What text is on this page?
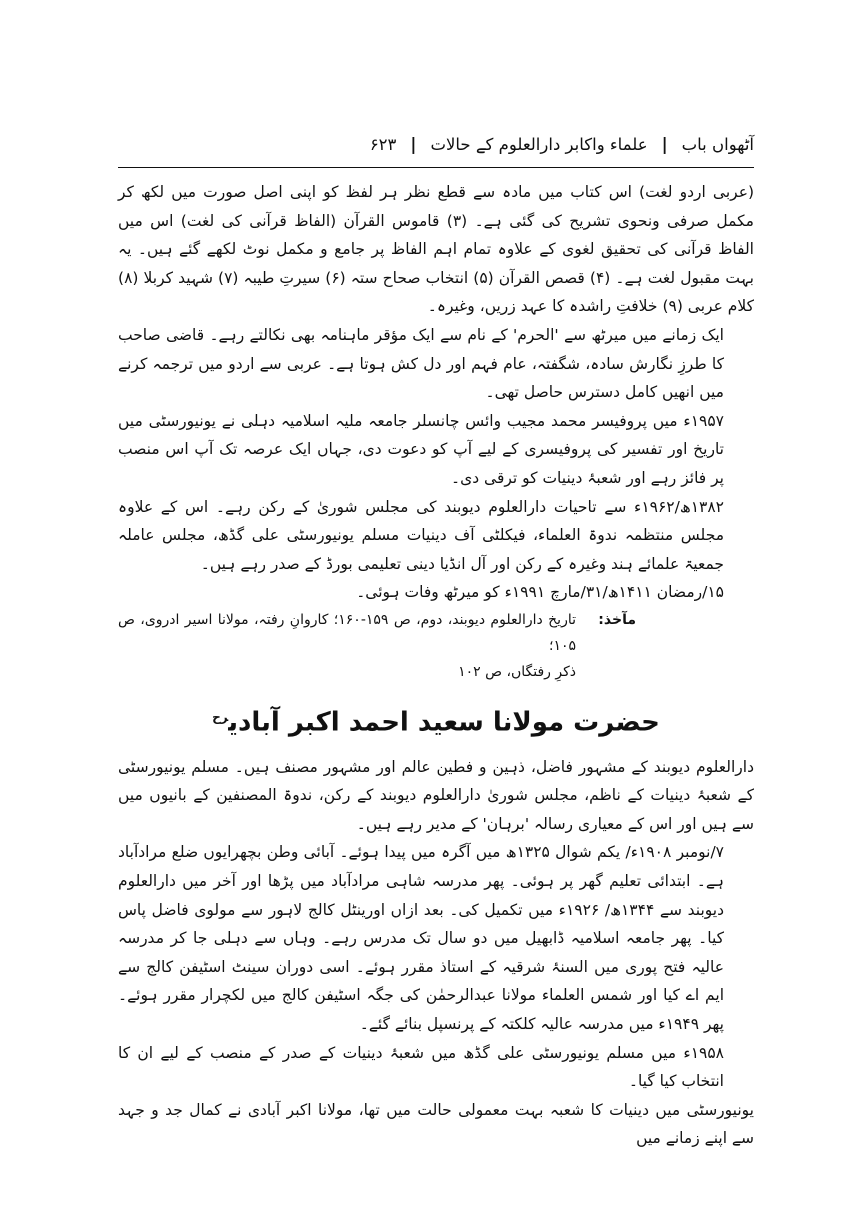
آٹھواں باب
|
علماء واکابر دارالعلوم کے حالات
|
۶۲۳

(عربی اردو لغت) اس کتاب میں مادہ سے قطع نظر ہر لفظ کو اپنی اصل صورت میں لکھ کر مکمل صرفی ونحوی تشریح کی گئی ہے۔ (۳) قاموس القرآن (الفاظ قرآنی کی لغت) اس میں الفاظ قرآنی کی تحقیق لغوی کے علاوہ تمام اہم الفاظ پر جامع و مکمل نوٹ لکھے گئے ہیں۔ یہ بہت مقبول لغت ہے۔ (۴) قصص القرآن (۵) انتخاب صحاح ستہ (۶) سیرتِ طیبہ (۷) شہید کربلا (۸) کلام عربی (۹) خلافتِ راشدہ کا عہد زریں، وغیرہ۔

ایک زمانے میں میرٹھ سے 'الحرم' کے نام سے ایک مؤقر ماہنامہ بھی نکالتے رہے۔ قاضی صاحب کا طرزِ نگارش سادہ، شگفتہ، عام فہم اور دل کش ہوتا ہے۔ عربی سے اردو میں ترجمہ کرنے میں انھیں کامل دسترس حاصل تھی۔

۱۹۵۷ء میں پروفیسر محمد مجیب وائس چانسلر جامعہ ملیہ اسلامیہ دہلی نے یونیورسٹی میں تاریخ اور تفسیر کی پروفیسری کے لیے آپ کو دعوت دی، جہاں ایک عرصہ تک آپ اس منصب پر فائز رہے اور شعبۂ دینیات کو ترقی دی۔

۱۳۸۲ھ/۱۹۶۲ء سے تاحیات دارالعلوم دیوبند کی مجلس شوریٰ کے رکن رہے۔ اس کے علاوہ مجلس منتظمہ ندوۃ العلماء، فیکلٹی آف دینیات مسلم یونیورسٹی علی گڈھ، مجلس عاملہ جمعیۃ علمائے ہند وغیرہ کے رکن اور آل انڈیا دینی تعلیمی بورڈ کے صدر رہے ہیں۔

۱۵/رمضان ۱۴۱۱ھ/۳۱/مارچ ۱۹۹۱ء کو میرٹھ وفات ہوئی۔

مآخذ:
تاریخ دارالعلوم دیوبند، دوم، ص ۱۵۹-۱۶۰؛ کاروانِ رفتہ، مولانا اسیر ادروی، ص ۱۰۵؛
ذکرِ رفتگاں، ص ۱۰۲
حضرت مولانا سعید احمد اکبر آبادی$^{رح}$

دارالعلوم دیوبند کے مشہور فاضل، ذہین و فطین عالم اور مشہور مصنف ہیں۔ مسلم یونیورسٹی کے شعبۂ دینیات کے ناظم، مجلس شوریٰ دارالعلوم دیوبند کے رکن، ندوۃ المصنفین کے بانیوں میں سے ہیں اور اس کے معیاری رسالہ 'برہان' کے مدیر رہے ہیں۔

۷/نومبر ۱۹۰۸ء/ یکم شوال ۱۳۲۵ھ میں آگرہ میں پیدا ہوئے۔ آبائی وطن بچھرایوں ضلع مرادآباد ہے۔ ابتدائی تعلیم گھر پر ہوئی۔ پھر مدرسہ شاہی مرادآباد میں پڑھا اور آخر میں دارالعلوم دیوبند سے ۱۳۴۴ھ/ ۱۹۲۶ء میں تکمیل کی۔ بعد ازاں اورینٹل کالج لاہور سے مولوی فاضل پاس کیا۔ پھر جامعہ اسلامیہ ڈابھیل میں دو سال تک مدرس رہے۔ وہاں سے دہلی جا کر مدرسہ عالیہ فتح پوری میں السنۂ شرقیہ کے استاذ مقرر ہوئے۔ اسی دوران سینٹ اسٹیفن کالج سے ایم اے کیا اور شمس العلماء مولانا عبدالرحمٰن کی جگہ اسٹیفن کالج میں لکچرار مقرر ہوئے۔ پھر ۱۹۴۹ء میں مدرسہ عالیہ کلکتہ کے پرنسپل بنائے گئے۔

۱۹۵۸ء میں مسلم یونیورسٹی علی گڈھ میں شعبۂ دینیات کے صدر کے منصب کے لیے ان کا انتخاب کیا گیا۔

یونیورسٹی میں دینیات کا شعبہ بہت معمولی حالت میں تھا، مولانا اکبر آبادی نے کمال جد و جہد سے اپنے زمانے میں
